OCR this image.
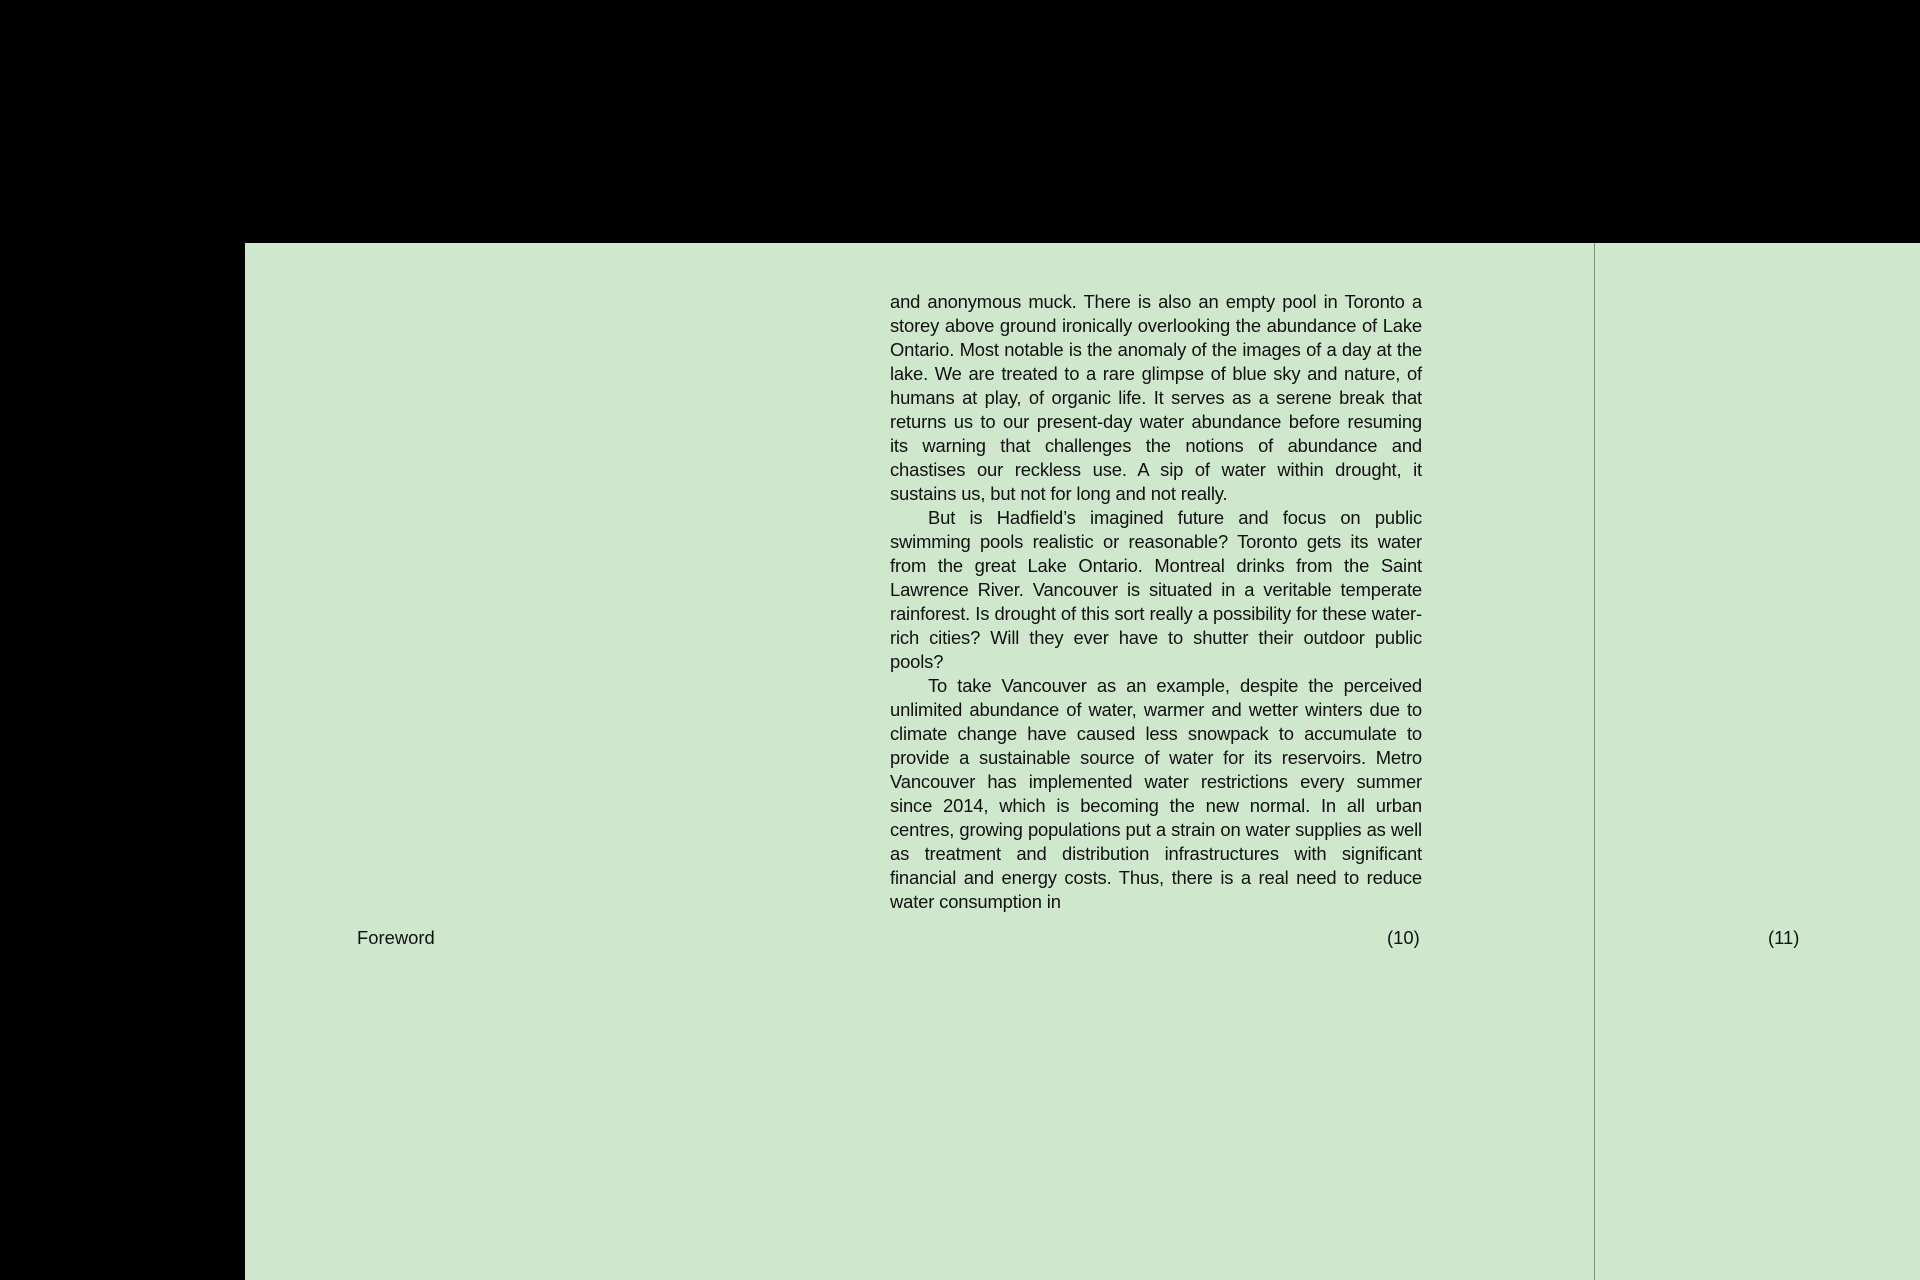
and anonymous muck. There is also an empty pool in Toronto a storey above ground ironically overlooking the abundance of Lake Ontario. Most notable is the anomaly of the images of a day at the lake. We are treated to a rare glimpse of blue sky and nature, of humans at play, of organic life. It serves as a serene break that returns us to our present-day water abundance before resuming its warning that challenges the notions of abundance and chastises our reckless use. A sip of water within drought, it sustains us, but not for long and not really.

But is Hadfield’s imagined future and focus on public swimming pools realistic or reasonable? Toronto gets its water from the great Lake Ontario. Montreal drinks from the Saint Lawrence River. Vancouver is situated in a veritable temperate rainforest. Is drought of this sort really a possibility for these water-rich cities? Will they ever have to shutter their outdoor public pools?

To take Vancouver as an example, despite the perceived unlimited abundance of water, warmer and wetter winters due to climate change have caused less snowpack to accumulate to provide a sustainable source of water for its reservoirs. Metro Vancouver has implemented water restrictions every summer since 2014, which is becoming the new normal. In all urban centres, growing populations put a strain on water supplies as well as treatment and distribution infrastructures with significant financial and energy costs. Thus, there is a real need to reduce water consumption in

Foreword	(10)	(11)
